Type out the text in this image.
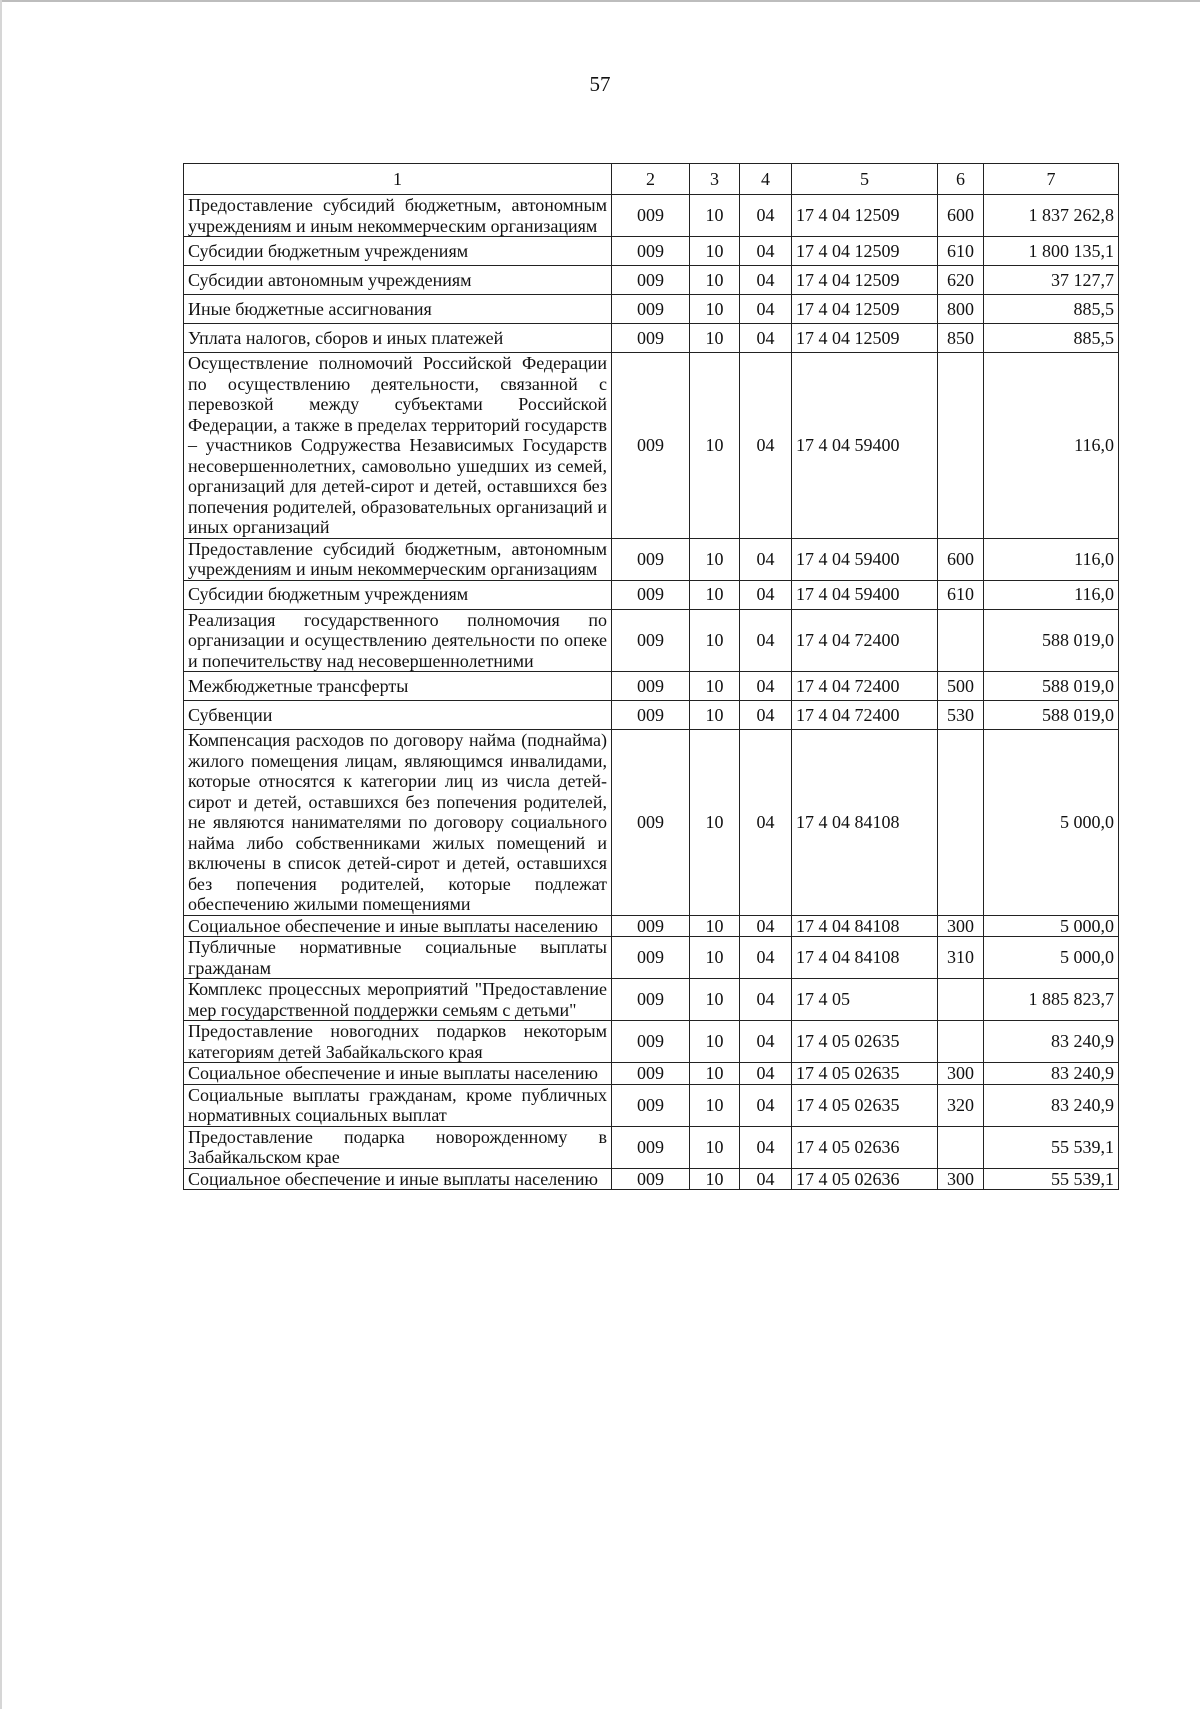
57
1	2	3	4	5	6	7
Предоставление субсидий бюджетным, автономным учреждениям и иным некоммерческим организациям	009	10	04	17 4 04 12509	600	1 837 262,8
Субсидии бюджетным учреждениям	009	10	04	17 4 04 12509	610	1 800 135,1
Субсидии автономным учреждениям	009	10	04	17 4 04 12509	620	37 127,7
Иные бюджетные ассигнования	009	10	04	17 4 04 12509	800	885,5
Уплата налогов, сборов и иных платежей	009	10	04	17 4 04 12509	850	885,5
Осуществление полномочий Российской Федерации по осуществлению деятельности, связанной с перевозкой между субъектами Российской Федерации, а также в пределах территорий государств – участников Содружества Независимых Государств несовершеннолетних, самовольно ушедших из семей, организаций для детей-сирот и детей, оставшихся без попечения родителей, образовательных организаций и иных организаций	009	10	04	17 4 04 59400		116,0
Предоставление субсидий бюджетным, автономным учреждениям и иным некоммерческим организациям	009	10	04	17 4 04 59400	600	116,0
Субсидии бюджетным учреждениям	009	10	04	17 4 04 59400	610	116,0
Реализация государственного полномочия по организации и осуществлению деятельности по опеке и попечительству над несовершеннолетними	009	10	04	17 4 04 72400		588 019,0
Межбюджетные трансферты	009	10	04	17 4 04 72400	500	588 019,0
Субвенции	009	10	04	17 4 04 72400	530	588 019,0
Компенсация расходов по договору найма (поднайма) жилого помещения лицам, являющимся инвалидами, которые относятся к категории лиц из числа детей-сирот и детей, оставшихся без попечения родителей, не являются нанимателями по договору социального найма либо собственниками жилых помещений и включены в список детей-сирот и детей, оставшихся без попечения родителей, которые подлежат обеспечению жилыми помещениями	009	10	04	17 4 04 84108		5 000,0
Социальное обеспечение и иные выплаты населению	009	10	04	17 4 04 84108	300	5 000,0
Публичные нормативные социальные выплаты гражданам	009	10	04	17 4 04 84108	310	5 000,0
Комплекс процессных мероприятий "Предоставление мер государственной поддержки семьям с детьми"	009	10	04	17 4 05		1 885 823,7
Предоставление новогодних подарков некоторым категориям детей Забайкальского края	009	10	04	17 4 05 02635		83 240,9
Социальное обеспечение и иные выплаты населению	009	10	04	17 4 05 02635	300	83 240,9
Социальные выплаты гражданам, кроме публичных нормативных социальных выплат	009	10	04	17 4 05 02635	320	83 240,9
Предоставление подарка новорожденному в Забайкальском крае	009	10	04	17 4 05 02636		55 539,1
Социальное обеспечение и иные выплаты населению	009	10	04	17 4 05 02636	300	55 539,1
